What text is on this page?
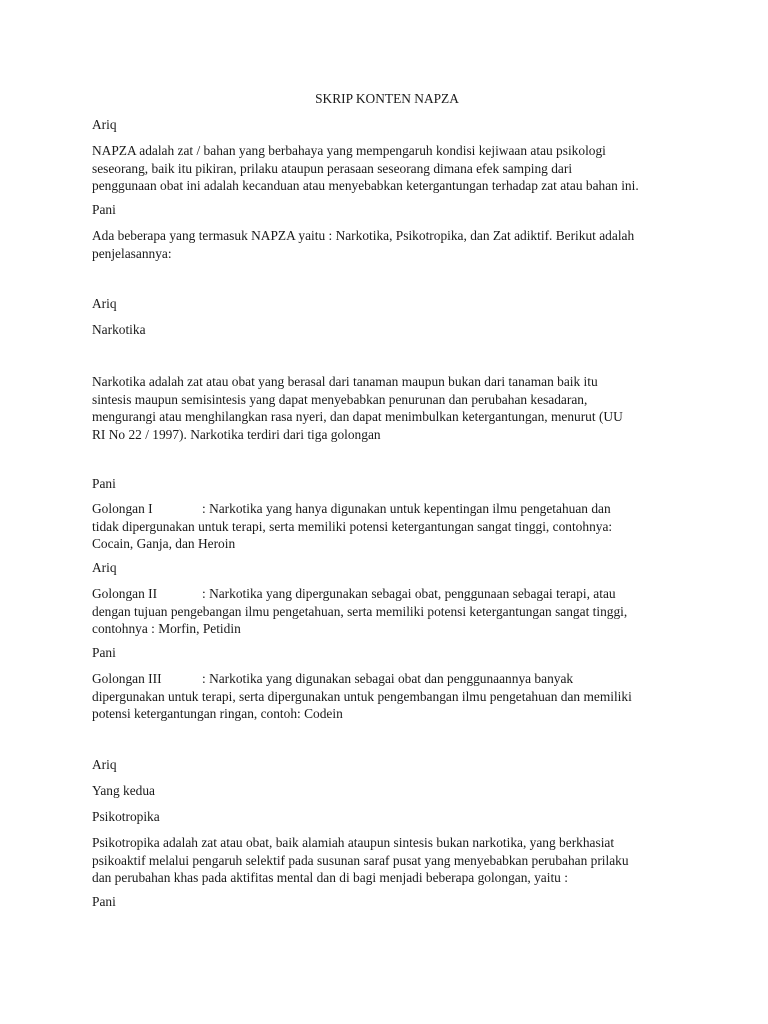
SKRIP KONTEN NAPZA

Ariq

NAPZA adalah zat / bahan yang berbahaya yang mempengaruh kondisi kejiwaan atau psikologi
seseorang, baik itu pikiran, prilaku ataupun perasaan seseorang dimana efek samping dari
penggunaan obat ini adalah kecanduan atau menyebabkan ketergantungan terhadap zat atau bahan ini.

Pani

Ada beberapa yang termasuk NAPZA yaitu : Narkotika, Psikotropika, dan Zat adiktif. Berikut adalah
penjelasannya:

Ariq

Narkotika

Narkotika adalah zat atau obat yang berasal dari tanaman maupun bukan dari tanaman baik itu
sintesis maupun semisintesis yang dapat menyebabkan penurunan dan perubahan kesadaran,
mengurangi atau menghilangkan rasa nyeri, dan dapat menimbulkan ketergantungan, menurut (UU
RI No 22 / 1997). Narkotika terdiri dari tiga golongan

Pani

Golongan I	: Narkotika yang hanya digunakan untuk kepentingan ilmu pengetahuan dan
tidak dipergunakan untuk terapi, serta memiliki potensi ketergantungan sangat tinggi, contohnya:
Cocain, Ganja, dan Heroin

Ariq

Golongan II	: Narkotika yang dipergunakan sebagai obat, penggunaan sebagai terapi, atau
dengan tujuan pengebangan ilmu pengetahuan, serta memiliki potensi ketergantungan sangat tinggi,
contohnya : Morfin, Petidin

Pani

Golongan III	: Narkotika yang digunakan sebagai obat dan penggunaannya banyak
dipergunakan untuk terapi, serta dipergunakan untuk pengembangan ilmu pengetahuan dan memiliki
potensi ketergantungan ringan, contoh: Codein

Ariq

Yang kedua

Psikotropika

Psikotropika adalah zat atau obat, baik alamiah ataupun sintesis bukan narkotika, yang berkhasiat
psikoaktif melalui pengaruh selektif pada susunan saraf pusat yang menyebabkan perubahan prilaku
dan perubahan khas pada aktifitas mental dan di bagi menjadi beberapa golongan, yaitu :

Pani
